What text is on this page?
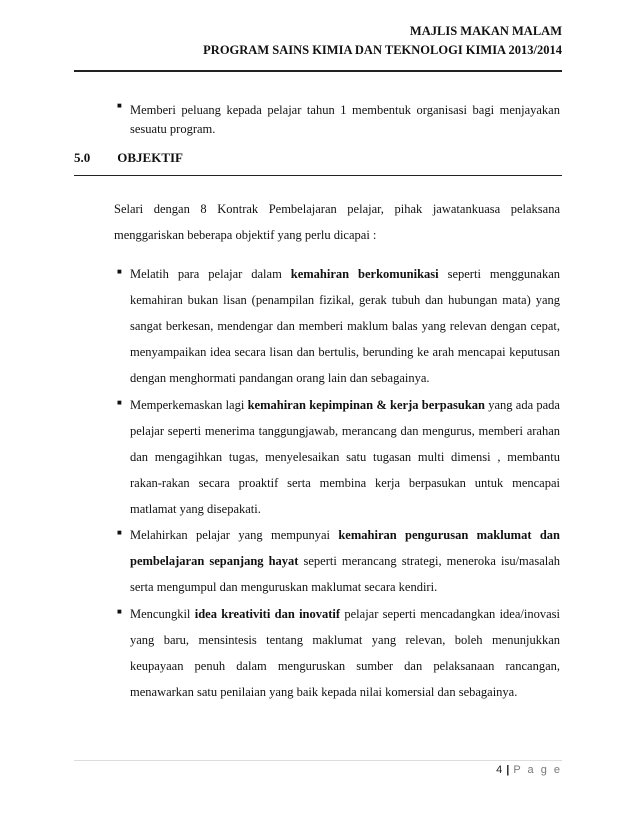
MAJLIS MAKAN MALAM
PROGRAM SAINS KIMIA DAN TEKNOLOGI KIMIA 2013/2014
■ Memberi peluang kepada pelajar tahun 1 membentuk organisasi bagi menjayakan sesuatu program.

5.0 OBJEKTIF

Selari dengan 8 Kontrak Pembelajaran pelajar, pihak jawatankuasa pelaksana menggariskan beberapa objektif yang perlu dicapai :

■ Melatih para pelajar dalam kemahiran berkomunikasi seperti menggunakan kemahiran bukan lisan (penampilan fizikal, gerak tubuh dan hubungan mata) yang sangat berkesan, mendengar dan memberi maklum balas yang relevan dengan cepat, menyampaikan idea secara lisan dan bertulis, berunding ke arah mencapai keputusan dengan menghormati pandangan orang lain dan sebagainya.

■ Memperkemaskan lagi kemahiran kepimpinan & kerja berpasukan yang ada pada pelajar seperti menerima tanggungjawab, merancang dan mengurus, memberi arahan dan mengagihkan tugas, menyelesaikan satu tugasan multi dimensi , membantu rakan-rakan secara proaktif serta membina kerja berpasukan untuk mencapai matlamat yang disepakati.

■ Melahirkan pelajar yang mempunyai kemahiran pengurusan maklumat dan pembelajaran sepanjang hayat seperti merancang strategi, meneroka isu/masalah serta mengumpul dan menguruskan maklumat secara kendiri.

■ Mencungkil idea kreativiti dan inovatif pelajar seperti mencadangkan idea/inovasi yang baru, mensintesis tentang maklumat yang relevan, boleh menunjukkan keupayaan penuh dalam menguruskan sumber dan pelaksanaan rancangan, menawarkan satu penilaian yang baik kepada nilai komersial dan sebagainya.

4 | P a g e
